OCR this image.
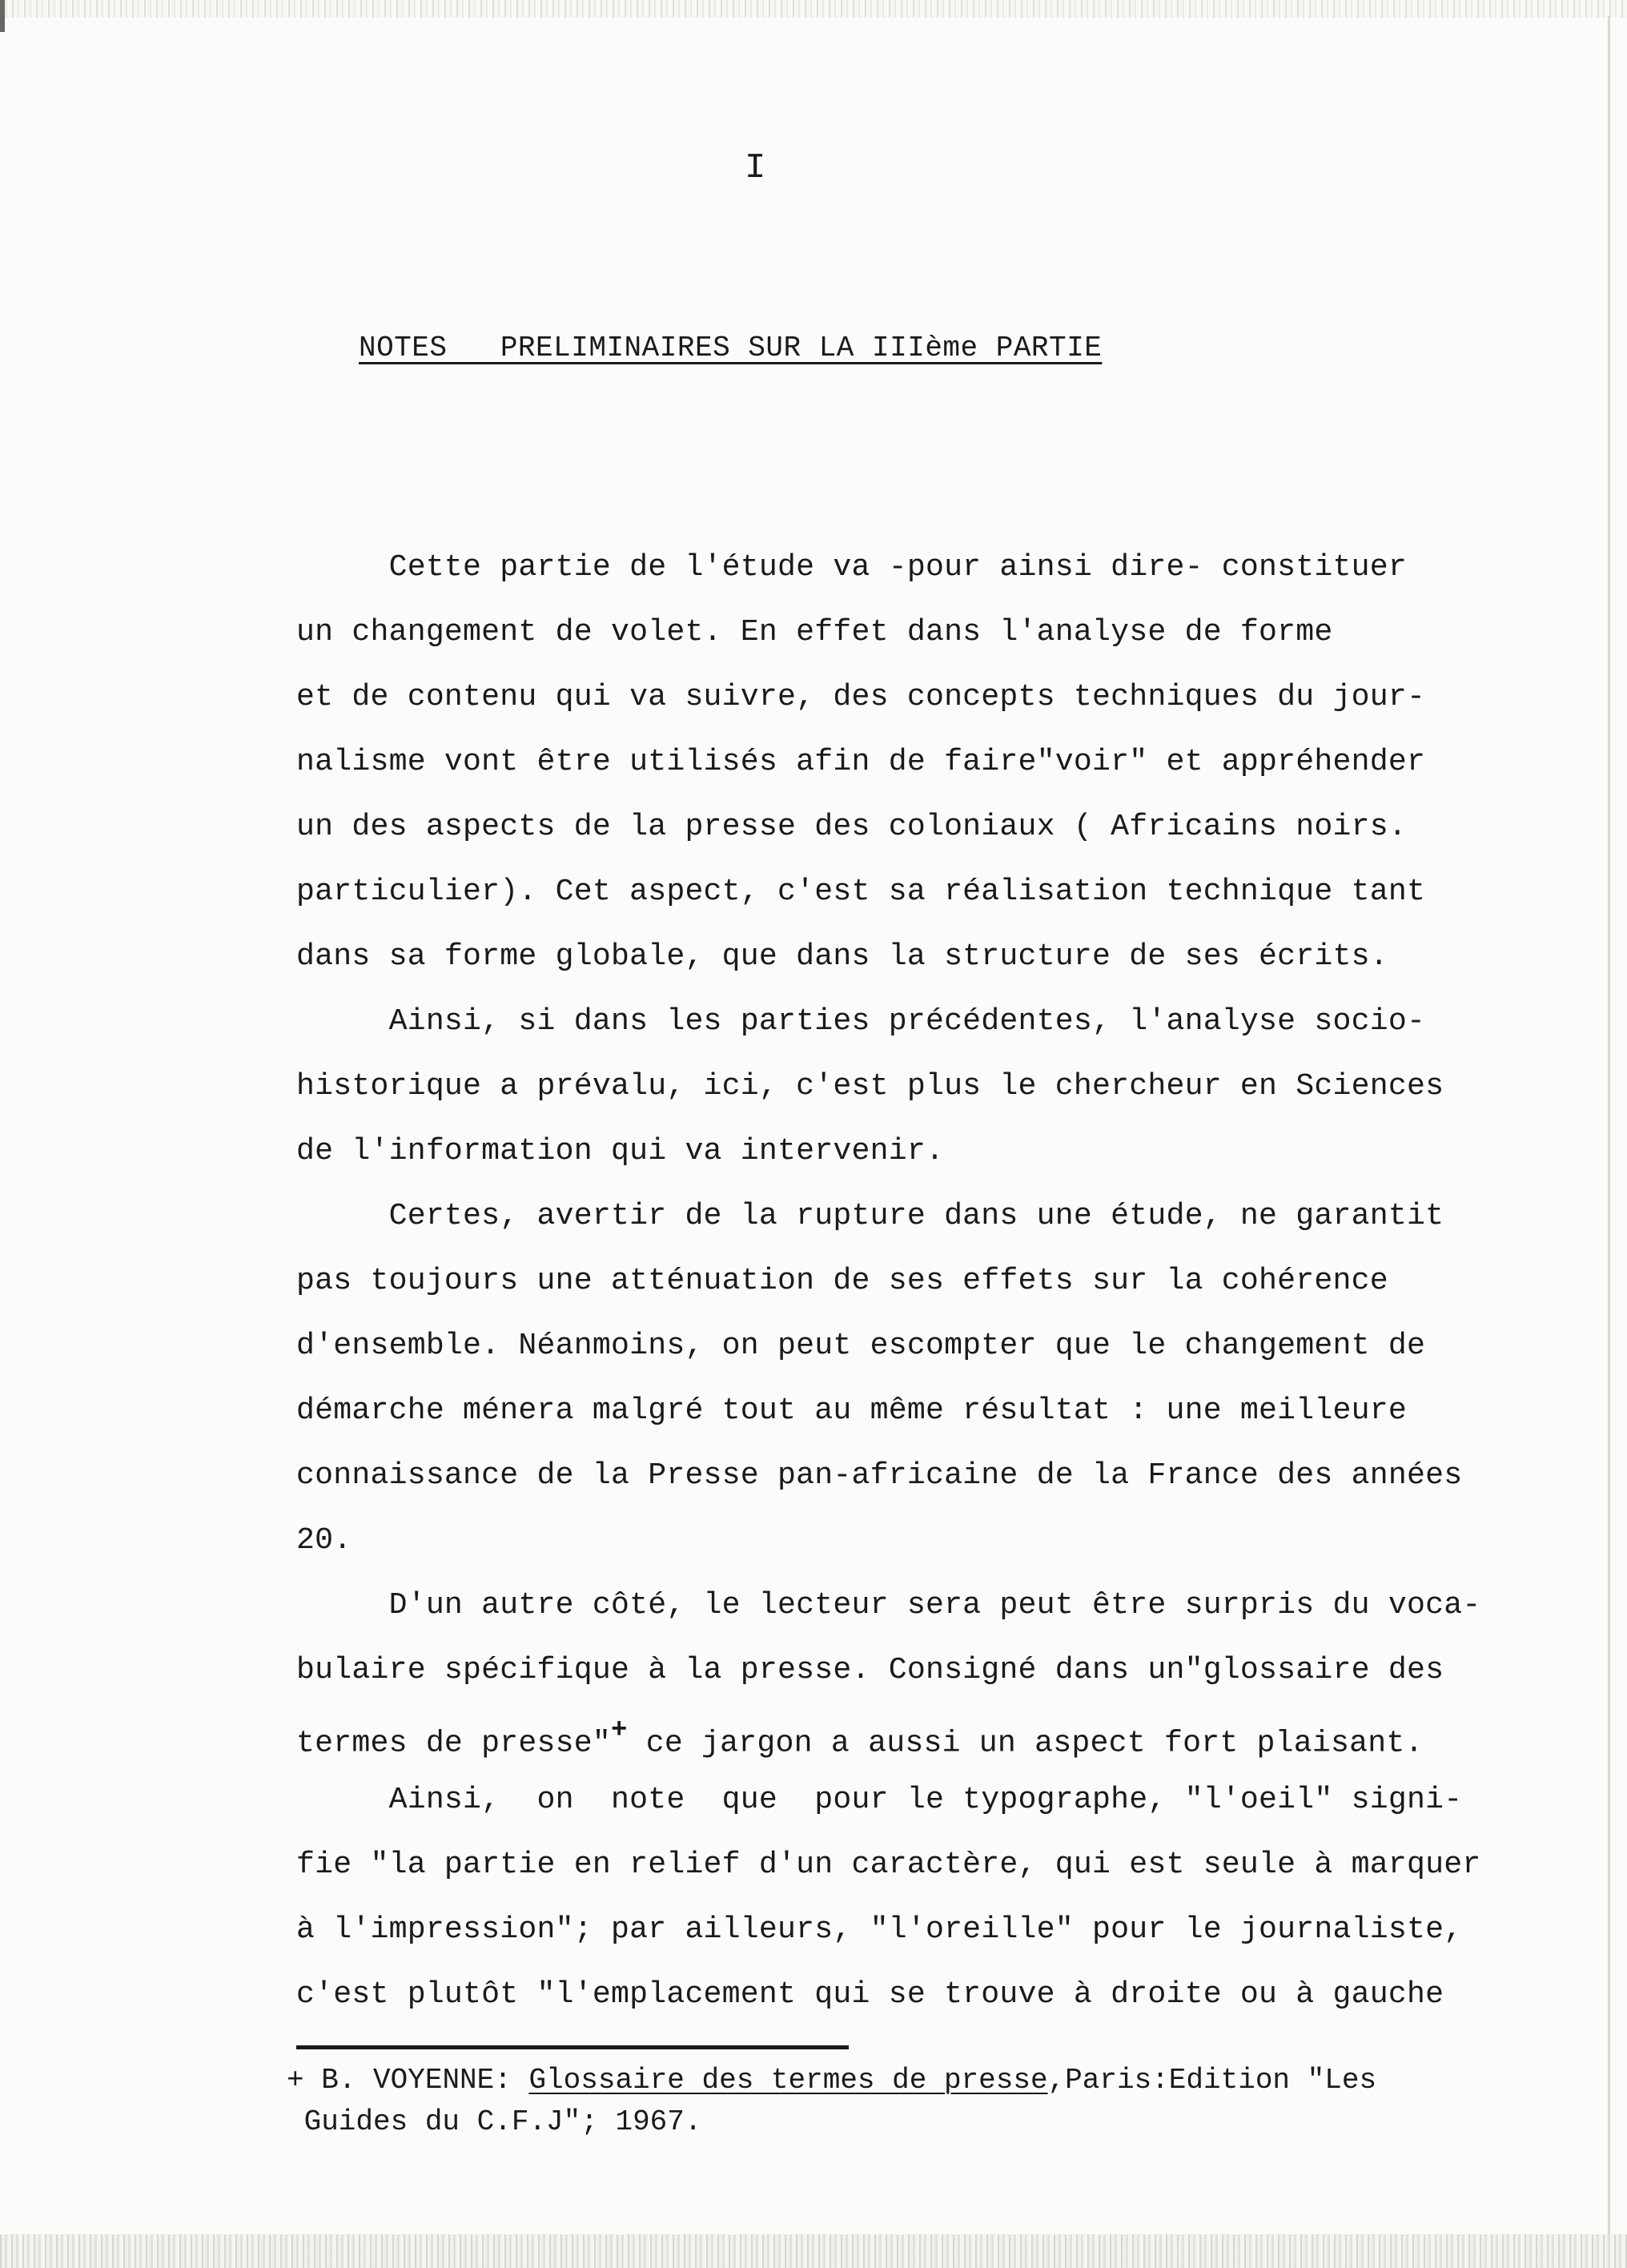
I
NOTES   PRELIMINAIRES SUR LA IIIème PARTIE
Cette partie de l'étude va -pour ainsi dire- constituer
un changement de volet. En effet dans l'analyse de forme
et de contenu qui va suivre, des concepts techniques du jour-
nalisme vont être utilisés afin de faire"voir" et appréhender
un des aspects de la presse des coloniaux ( Africains noirs.
particulier). Cet aspect, c'est sa réalisation technique tant
dans sa forme globale, que dans la structure de ses écrits.
Ainsi, si dans les parties précédentes, l'analyse socio-
historique a prévalu, ici, c'est plus le chercheur en Sciences
de l'information qui va intervenir.
Certes, avertir de la rupture dans une étude, ne garantit
pas toujours une atténuation de ses effets sur la cohérence
d'ensemble. Néanmoins, on peut escompter que le changement de
démarche ménera malgré tout au même résultat : une meilleure
connaissance de la Presse pan-africaine de la France des années
20.
D'un autre côté, le lecteur sera peut être surpris du voca-
bulaire spécifique à la presse. Consigné dans un"glossaire des
termes de presse"+ ce jargon a aussi un aspect fort plaisant.
Ainsi,  on  note  que  pour le typographe, "l'oeil" signi-
fie "la partie en relief d'un caractère, qui est seule à marquer
à l'impression"; par ailleurs, "l'oreille" pour le journaliste,
c'est plutôt "l'emplacement qui se trouve à droite ou à gauche
+ B. VOYENNE: Glossaire des termes de presse,Paris:Edition "Les
Guides du C.F.J"; 1967.
